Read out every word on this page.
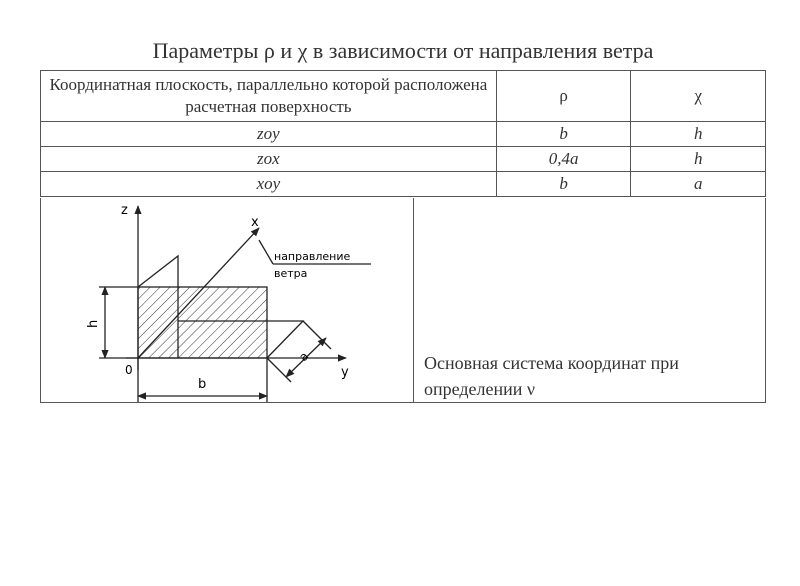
Параметры ρ и χ в зависимости от направления ветра
Координатная плоскость, параллельно которой расположена расчетная поверхность	ρ	χ
zoy	b	h
zox	0,4a	h
xoy	b	a
z
x
y
0
h
b
a
направление
ветра
Основная система координат при определении ν
